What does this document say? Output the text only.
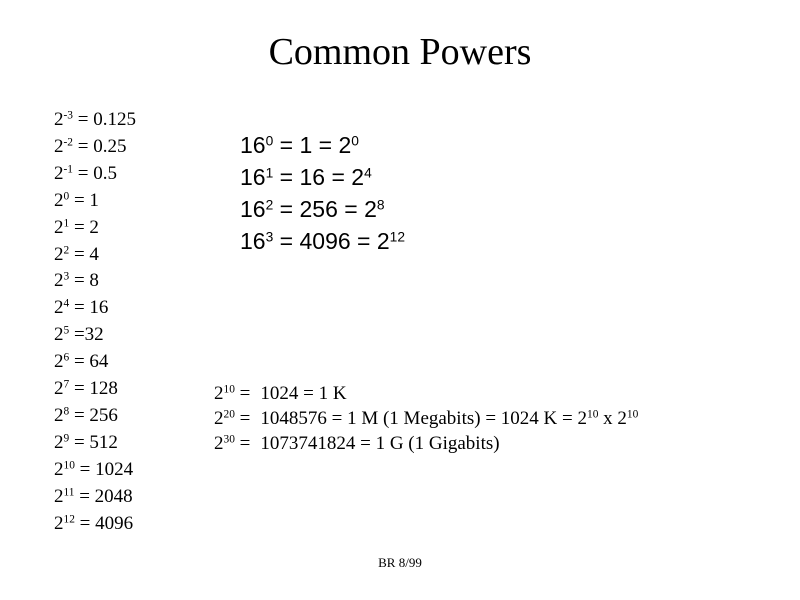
Common Powers
$2^{-3} = 0.125$
$2^{-2} = 0.25$
$2^{-1} = 0.5$
$2^0 = 1$
$2^1 = 2$
$2^2 = 4$
$2^3 = 8$
$2^4 = 16$
$2^5 =32$
$2^6 = 64$
$2^7 = 128$
$2^8 = 256$
$2^9 = 512$
$2^{10} = 1024$
$2^{11} = 2048$
$2^{12} = 4096$
$16^0 = 1 = 2^0$
$16^1 = 16 = 2^4$
$16^2 = 256 = 2^8$
$16^3 = 4096 = 2^{12}$
$2^{10} = 1024 = 1$ K
$2^{20} = 1048576 = 1$ M (1 Megabits) = 1024 $K = 2^{10}$ x $2^{10}$
$2^{30} = 1073741824 = 1$ G (1 Gigabits)

BR 8/99
